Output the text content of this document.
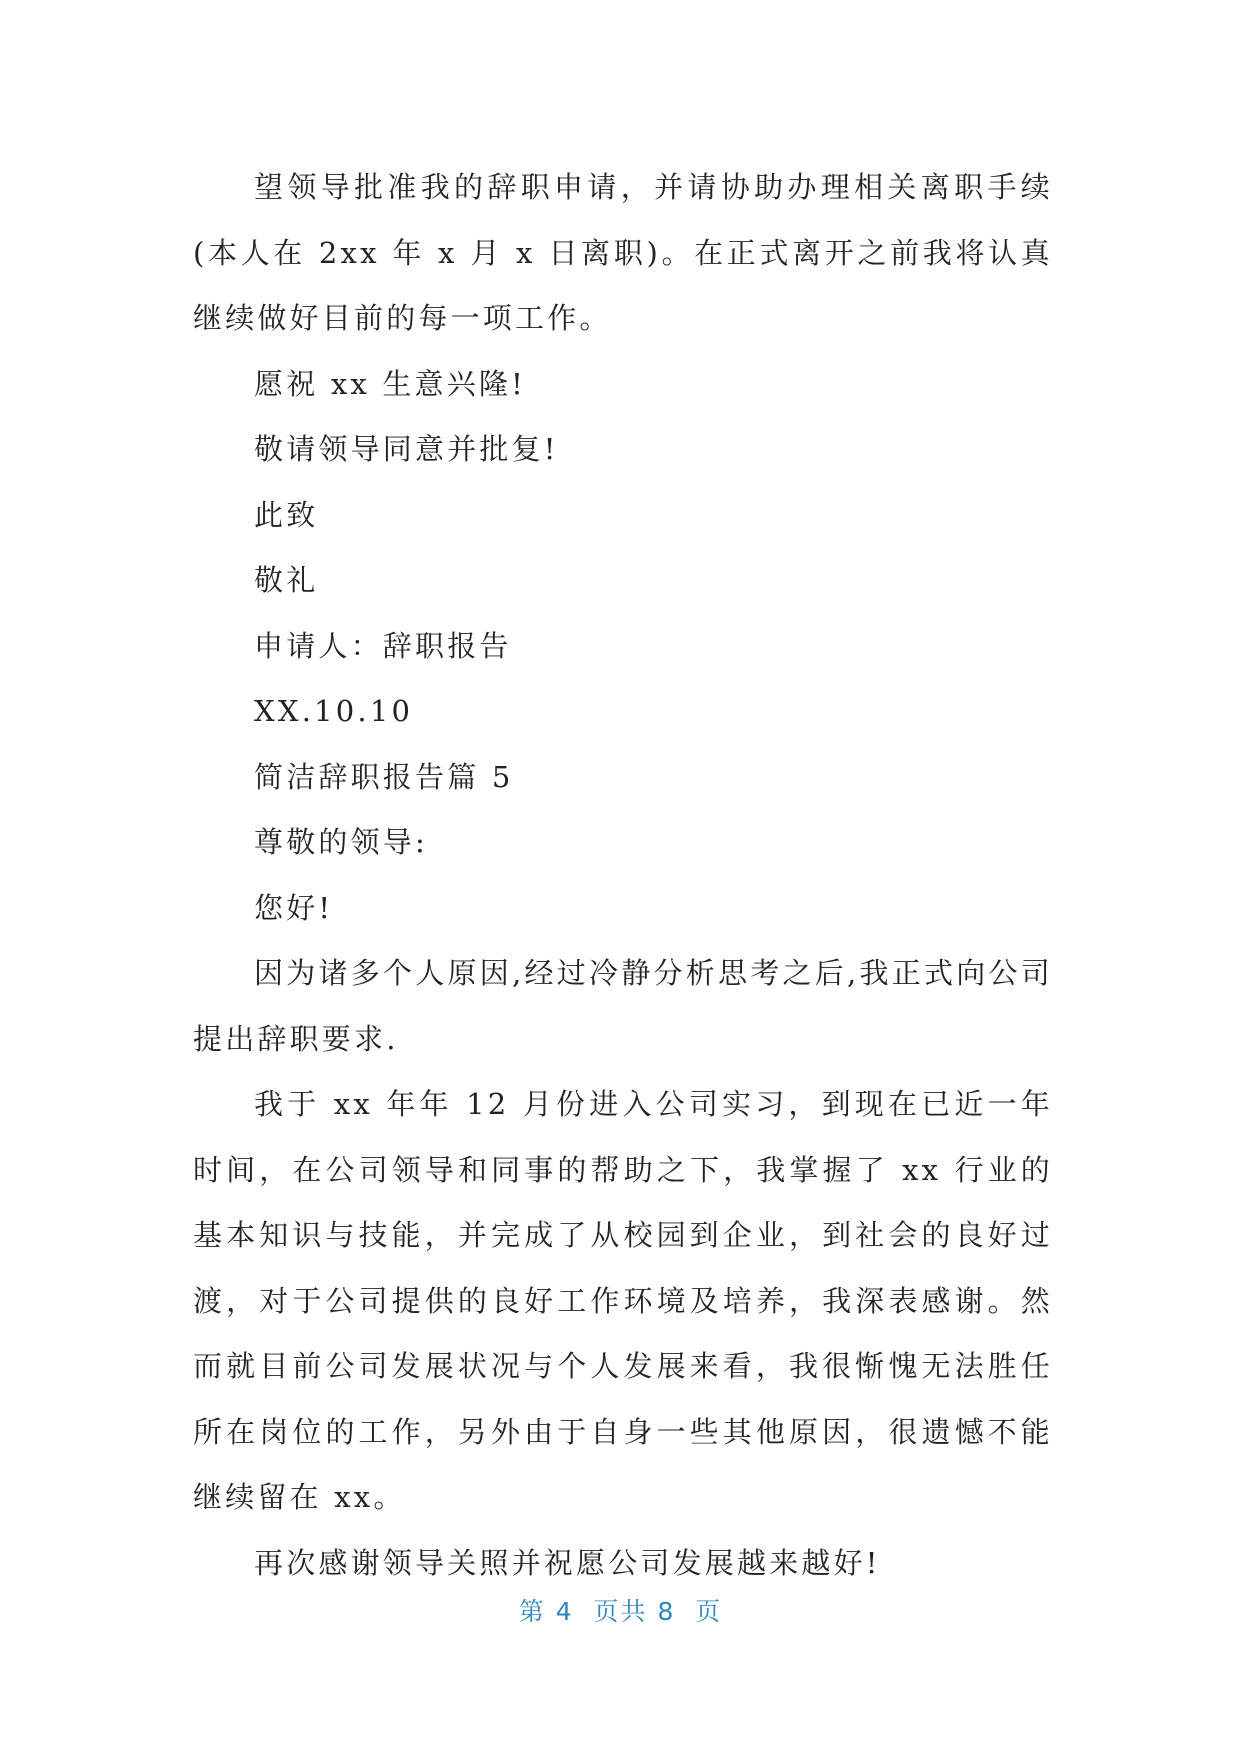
望领导批准我的辞职申请，并请协助办理相关离职手续(本人在 2xx 年 x 月 x 日离职)。在正式离开之前我将认真继续做好目前的每一项工作。

愿祝 xx 生意兴隆!

敬请领导同意并批复!

此致

敬礼

申请人：辞职报告

XX.10.10

简洁辞职报告篇 5

尊敬的领导:

您好!

因为诸多个人原因,经过冷静分析思考之后,我正式向公司提出辞职要求.

我于 xx 年年 12 月份进入公司实习，到现在已近一年时间，在公司领导和同事的帮助之下，我掌握了 xx 行业的基本知识与技能，并完成了从校园到企业，到社会的良好过渡，对于公司提供的良好工作环境及培养，我深表感谢。然而就目前公司发展状况与个人发展来看，我很惭愧无法胜任所在岗位的工作，另外由于自身一些其他原因，很遗憾不能继续留在 xx。

再次感谢领导关照并祝愿公司发展越来越好!

第 4  页共 8  页
